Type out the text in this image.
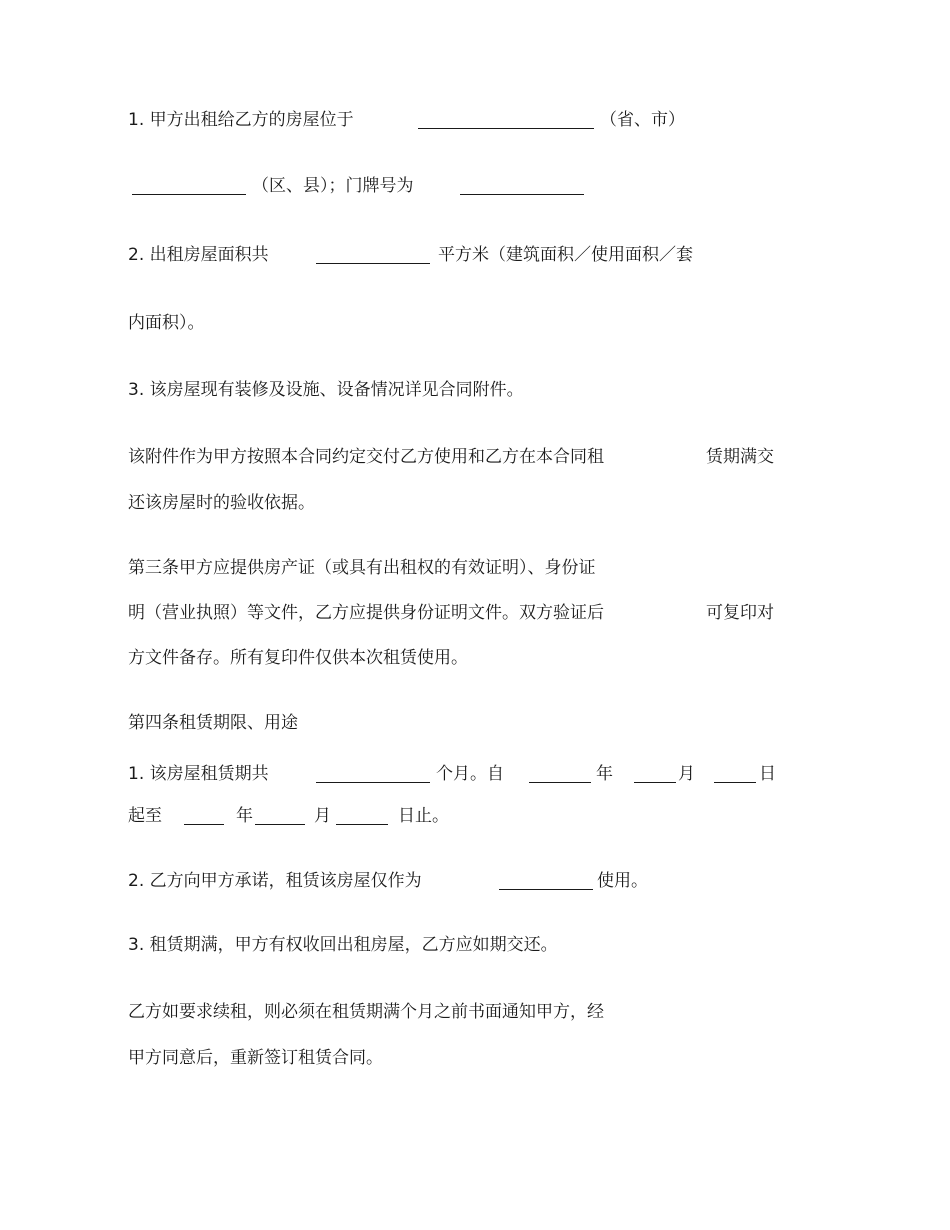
1. 甲方出租给乙方的房屋位于	（省、市）

（区、县）；门牌号为

2. 出租房屋面积共	平方米（建筑面积／使用面积／套

内面积）。

3. 该房屋现有装修及设施、设备情况详见合同附件。

该附件作为甲方按照本合同约定交付乙方使用和乙方在本合同租	赁期满交

还该房屋时的验收依据。

第三条甲方应提供房产证（或具有出租权的有效证明）、身份证

明（营业执照）等文件，乙方应提供身份证明文件。双方验证后	可复印对

方文件备存。所有复印件仅供本次租赁使用。

第四条租赁期限、用途

1. 该房屋租赁期共	个月。自	年	月	日

起至	年	月	日止。

2. 乙方向甲方承诺，租赁该房屋仅作为	使用。

3. 租赁期满，甲方有权收回出租房屋，乙方应如期交还。

乙方如要求续租，则必须在租赁期满个月之前书面通知甲方，经

甲方同意后，重新签订租赁合同。
